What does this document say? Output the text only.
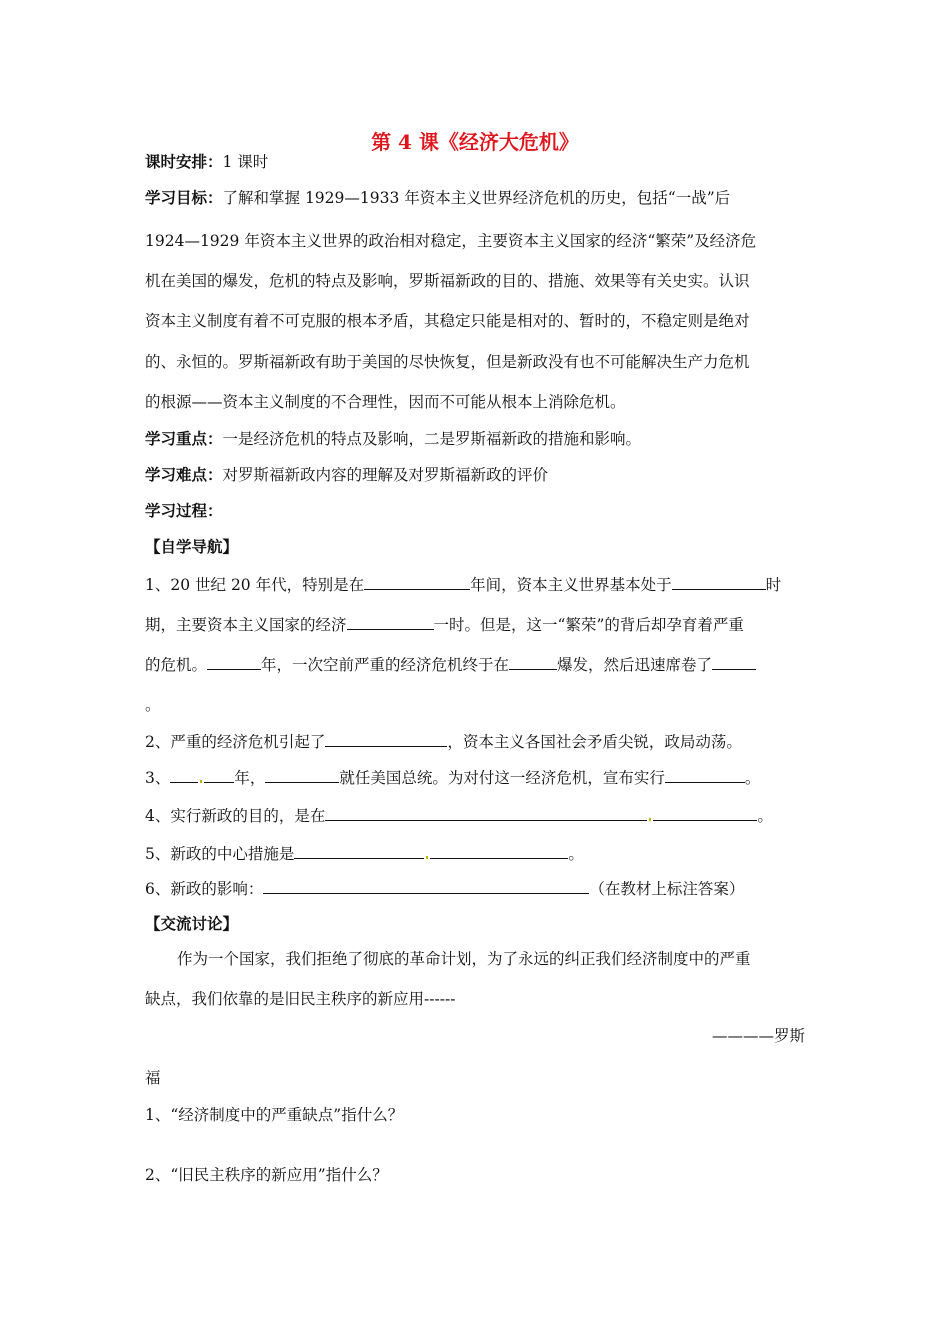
第 4 课《经济大危机》
课时安排：1 课时
学习目标：了解和掌握 1929—1933 年资本主义世界经济危机的历史，包括“一战”后
1924—1929 年资本主义世界的政治相对稳定，主要资本主义国家的经济“繁荣”及经济危
机在美国的爆发，危机的特点及影响，罗斯福新政的目的、措施、效果等有关史实。认识
资本主义制度有着不可克服的根本矛盾，其稳定只能是相对的、暂时的，不稳定则是绝对
的、永恒的。罗斯福新政有助于美国的尽快恢复，但是新政没有也不可能解决生产力危机
的根源——资本主义制度的不合理性，因而不可能从根本上消除危机。
学习重点：一是经济危机的特点及影响，二是罗斯福新政的措施和影响。
学习难点：对罗斯福新政内容的理解及对罗斯福新政的评价
学习过程：
【自学导航】
1、20 世纪 20 年代，特别是在	年间，资本主义世界基本处于	时
期，主要资本主义国家的经济	一时。但是，这一“繁荣”的背后却孕育着严重
的危机。	年，一次空前严重的经济危机终于在	爆发，然后迅速席卷了
。
2、严重的经济危机引起了	，资本主义各国社会矛盾尖锐，政局动荡。
3、	年，	就任美国总统。为对付这一经济危机，宣布实行	。
4、实行新政的目的，是在	。
5、新政的中心措施是	。
6、新政的影响：	（在教材上标注答案）
【交流讨论】
作为一个国家，我们拒绝了彻底的革命计划，为了永远的纠正我们经济制度中的严重
缺点，我们依靠的是旧民主秩序的新应用------
————罗斯
福
1、“经济制度中的严重缺点”指什么？
2、“旧民主秩序的新应用”指什么？
